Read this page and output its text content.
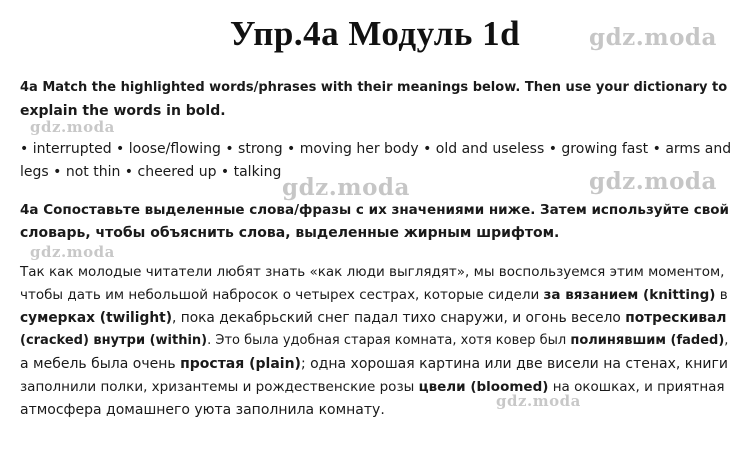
Упр.4a Модуль 1d	gdz.moda
gdz.moda
gdz.moda	gdz.moda
gdz.moda
gdz.moda
4a Match the highlighted words/phrases with their meanings below. Then use your dictionary to
explain the words in bold.
• interrupted • loose/flowing • strong • moving her body • old and useless • growing fast • arms and
legs • not thin • cheered up • talking
4a Сопоставьте выделенные слова/фразы с их значениями ниже. Затем используйте свой
словарь, чтобы объяснить слова, выделенные жирным шрифтом.
Так как молодые читатели любят знать «как люди выглядят», мы воспользуемся этим моментом,
чтобы дать им небольшой набросок о четырех сестрах, которые сидели за вязанием (knitting) в
сумерках (twilight), пока декабрьский снег падал тихо снаружи, и огонь весело потрескивал
(cracked) внутри (within). Это была удобная старая комната, хотя ковер был полинявшим (faded),
а мебель была очень простая (plain); одна хорошая картина или две висели на стенах, книги
заполнили полки, хризантемы и рождественские розы цвели (bloomed) на окошках, и приятная
атмосфера домашнего уюта заполнила комнату.
